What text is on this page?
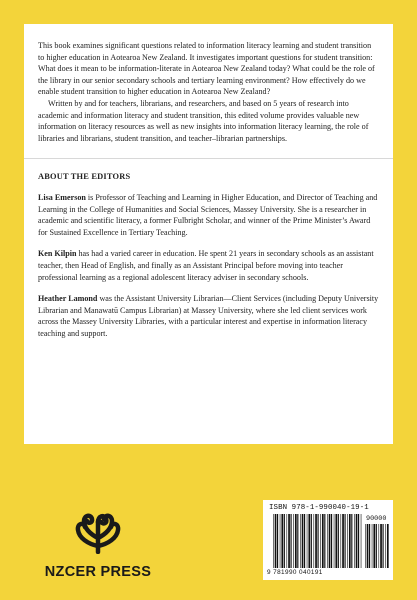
This book examines significant questions related to information literacy learning and student transition to higher education in Aotearoa New Zealand. It investigates important questions for student transition: What does it mean to be information-literate in Aotearoa New Zealand today? What could be the role of the library in our senior secondary schools and tertiary learning environment? How effectively do we enable student transition to higher education in Aotearoa New Zealand?

Written by and for teachers, librarians, and researchers, and based on 5 years of research into academic and information literacy and student transition, this edited volume provides valuable new information on literacy resources as well as new insights into information literacy learning, the role of libraries and librarians, student transition, and teacher–librarian partnerships.

ABOUT THE EDITORS

Lisa Emerson is Professor of Teaching and Learning in Higher Education, and Director of Teaching and Learning in the College of Humanities and Social Sciences, Massey University. She is a researcher in academic and scientific literacy, a former Fulbright Scholar, and winner of the Prime Minister’s Award for Sustained Excellence in Tertiary Teaching.

Ken Kilpin has had a varied career in education. He spent 21 years in secondary schools as an assistant teacher, then Head of English, and finally as an Assistant Principal before moving into teacher professional learning as a regional adolescent literacy adviser in secondary schools.

Heather Lamond was the Assistant University Librarian—Client Services (including Deputy University Librarian and Manawatū Campus Librarian) at Massey University, where she led client services work across the Massey University Libraries, with a particular interest and expertise in information literacy teaching and support.

NZCER PRESS
ISBN 978-1-990040-19-1
90000
9 781990 040191
